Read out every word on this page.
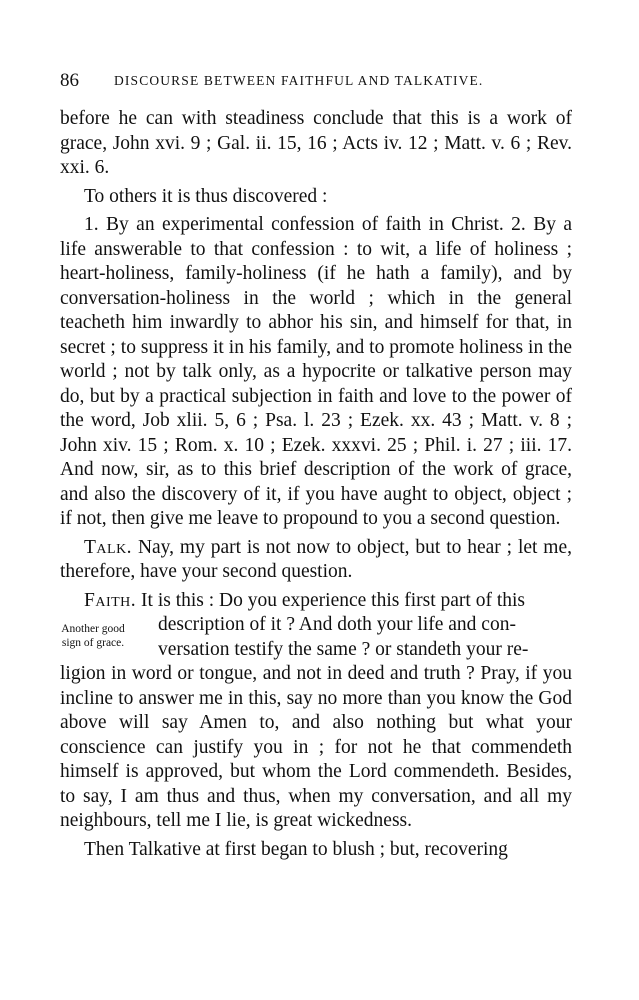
86	DISCOURSE BETWEEN FAITHFUL AND TALKATIVE.

before he can with steadiness conclude that this is a work of grace, John xvi. 9 ; Gal. ii. 15, 16 ; Acts iv. 12 ; Matt. v. 6 ; Rev. xxi. 6.

To others it is thus discovered :

1. By an experimental confession of faith in Christ. 2. By a life answerable to that confession : to wit, a life of holiness ; heart-holiness, family-holiness (if he hath a family), and by conversation-holiness in the world ; which in the general teacheth him inwardly to abhor his sin, and himself for that, in secret ; to suppress it in his family, and to promote holiness in the world ; not by talk only, as a hypocrite or talkative person may do, but by a practical subjection in faith and love to the power of the word, Job xlii. 5, 6 ; Psa. l. 23 ; Ezek. xx. 43 ; Matt. v. 8 ; John xiv. 15 ; Rom. x. 10 ; Ezek. xxxvi. 25 ; Phil. i. 27 ; iii. 17. And now, sir, as to this brief description of the work of grace, and also the discovery of it, if you have aught to object, object ; if not, then give me leave to propound to you a second question.

Talk. Nay, my part is not now to object, but to hear ; let me, therefore, have your second question.

Faith. It is this : Do you experience this first part of this

Another good
sign of grace.

description of it ? And doth your life and con-

versation testify the same ? or standeth your re-

ligion in word or tongue, and not in deed and truth ? Pray, if you incline to answer me in this, say no more than you know the God above will say Amen to, and also nothing but what your conscience can justify you in ; for not he that commendeth himself is approved, but whom the Lord commendeth. Besides, to say, I am thus and thus, when my conversation, and all my neighbours, tell me I lie, is great wickedness.

Then Talkative at first began to blush ; but, recovering
